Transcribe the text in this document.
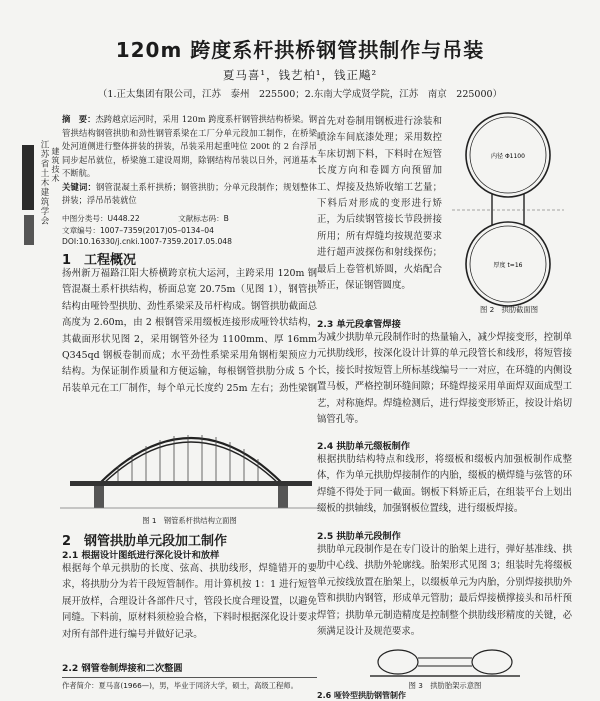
江苏省土木建筑学会 建筑技术
120m 跨度系杆拱桥钢管拱制作与吊装
夏马喜¹，钱艺柏¹，钱正飚²
（1.正太集团有限公司，江苏　泰州　225500；2.东南大学成贤学院，江苏　南京　225000）
摘　要：杰跨越京运河时，采用 120m 跨度系杆钢管拱结构桥梁。钢管拱结构钢管拱肋和劲性钢管系梁在工厂分单元段加工制作，在桥梁处河道侧进行整体拼装的拼装，吊装采用起重吨位 200t 的 2 台浮吊同步起吊就位，桥梁施工建设周期，除钢结构吊装以日外，河道基本不断航。
关键词：钢管混凝土系杆拱桥；钢管拱肋；分单元段制作；规划整体拼装；浮吊吊装就位
中图分类号：U448.22	文献标志码：B
文章编号：1007–7359(2017)05–0134–04
DOI:10.16330/j.cnki.1007-7359.2017.05.048
1　工程概况
扬州新万福路江阳大桥横跨京杭大运河，主跨采用 120m 钢管混凝土系杆拱结构，桥面总宽 20.75m（见图 1），钢管拱结构由哑铃型拱肋、劲性系梁采及吊杆构成。钢管拱肋截面总高度为 2.60m，由 2 根钢管采用缀板连接形成哑铃状结构，其截面形状见图 2，采用钢管外径为 1100mm、厚 16mm Q345qd 钢板卷制而成；水平劲性系梁采用角钢桁架预应力结构。为保证制作质量和方便运输，每根钢管拱肋分成 5 个吊装单元在工厂制作，每个单元长度约 25m 左右；劲性梁钢
图 1　钢管系杆拱结构立面图
2　钢管拱肋单元段加工制作
2.1 根据设计图纸进行深化设计和放样
根据每个单元拱肋的长度、弦高、拱肋线形，焊缝错开的要求，将拱肋分为若干段短管制作。用计算机按 1：1 进行短管展开放样，合理设计各部件尺寸，管段长度合理设置，以避免同缝。下料前，原材料须检验合格，下料时根据深化设计要求对所有部件进行编号并做好记录。
2.2 钢管卷制焊接和二次整圆
作者简介：夏马喜(1966—)，男，毕业于同济大学，硕士，高级工程师。
首先对卷制用钢板进行涂装和喷涂车间底漆处理；采用数控车床切割下料，下料时在短管长度方向和卷圆方向预留加工、焊接及热矫收缩工艺量；下料后对形成的变形进行矫正，为后续钢管接长节段拼接所用；所有焊缝均按规范要求进行超声波探伤和射线探伤；最后上卷管机矫圆，火焰配合矫正，保证钢管圆度。
内径 Φ1100
厚度 t=16
图 2　拱肋截面图
2.3 单元段拿管焊接
为减少拱肋单元段制作时的热量输入，减少焊接变形，控制单元拱肋线形，按深化设计计算的单元段管长和线形，将短管接长，接长时按短管上所标基线编号一一对应，在环缝的内侧设置马板，严格控制环缝间隙；环缝焊接采用单面焊双面成型工艺，对称施焊。焊缝检测后，进行焊接变形矫正，按设计焰切镐管孔等。
2.4 拱肋单元缀板制作
根据拱肋结构特点和线形，将缀板和缀板内加强板制作成整体，作为单元拱肋焊接制作的内胎，缀板的横焊缝与弦管的环焊缝不得处于同一截面。钢板下料矫正后，在组装平台上划出缀板的拱轴线，加强钢板位置线，进行缀板焊接。
2.5 拱肋单元段制作
拱肋单元段制作是在专门设计的胎架上进行，弹好基准线、拱肋中心线、拱肋外轮廓线。胎架形式见图 3；组装时先将缀板单元按线放置在胎架上，以缀板单元为内胎，分别焊接拱肋外管和拱肋内钢管，形成单元管肋；最后焊接横撑接头和吊杆预焊管；拱肋单元制造精度是控制整个拱肋线形精度的关键，必须满足设计及规范要求。
图 3　拱肋胎架示意图
2.6 哑铃型拱肋钢管制作
